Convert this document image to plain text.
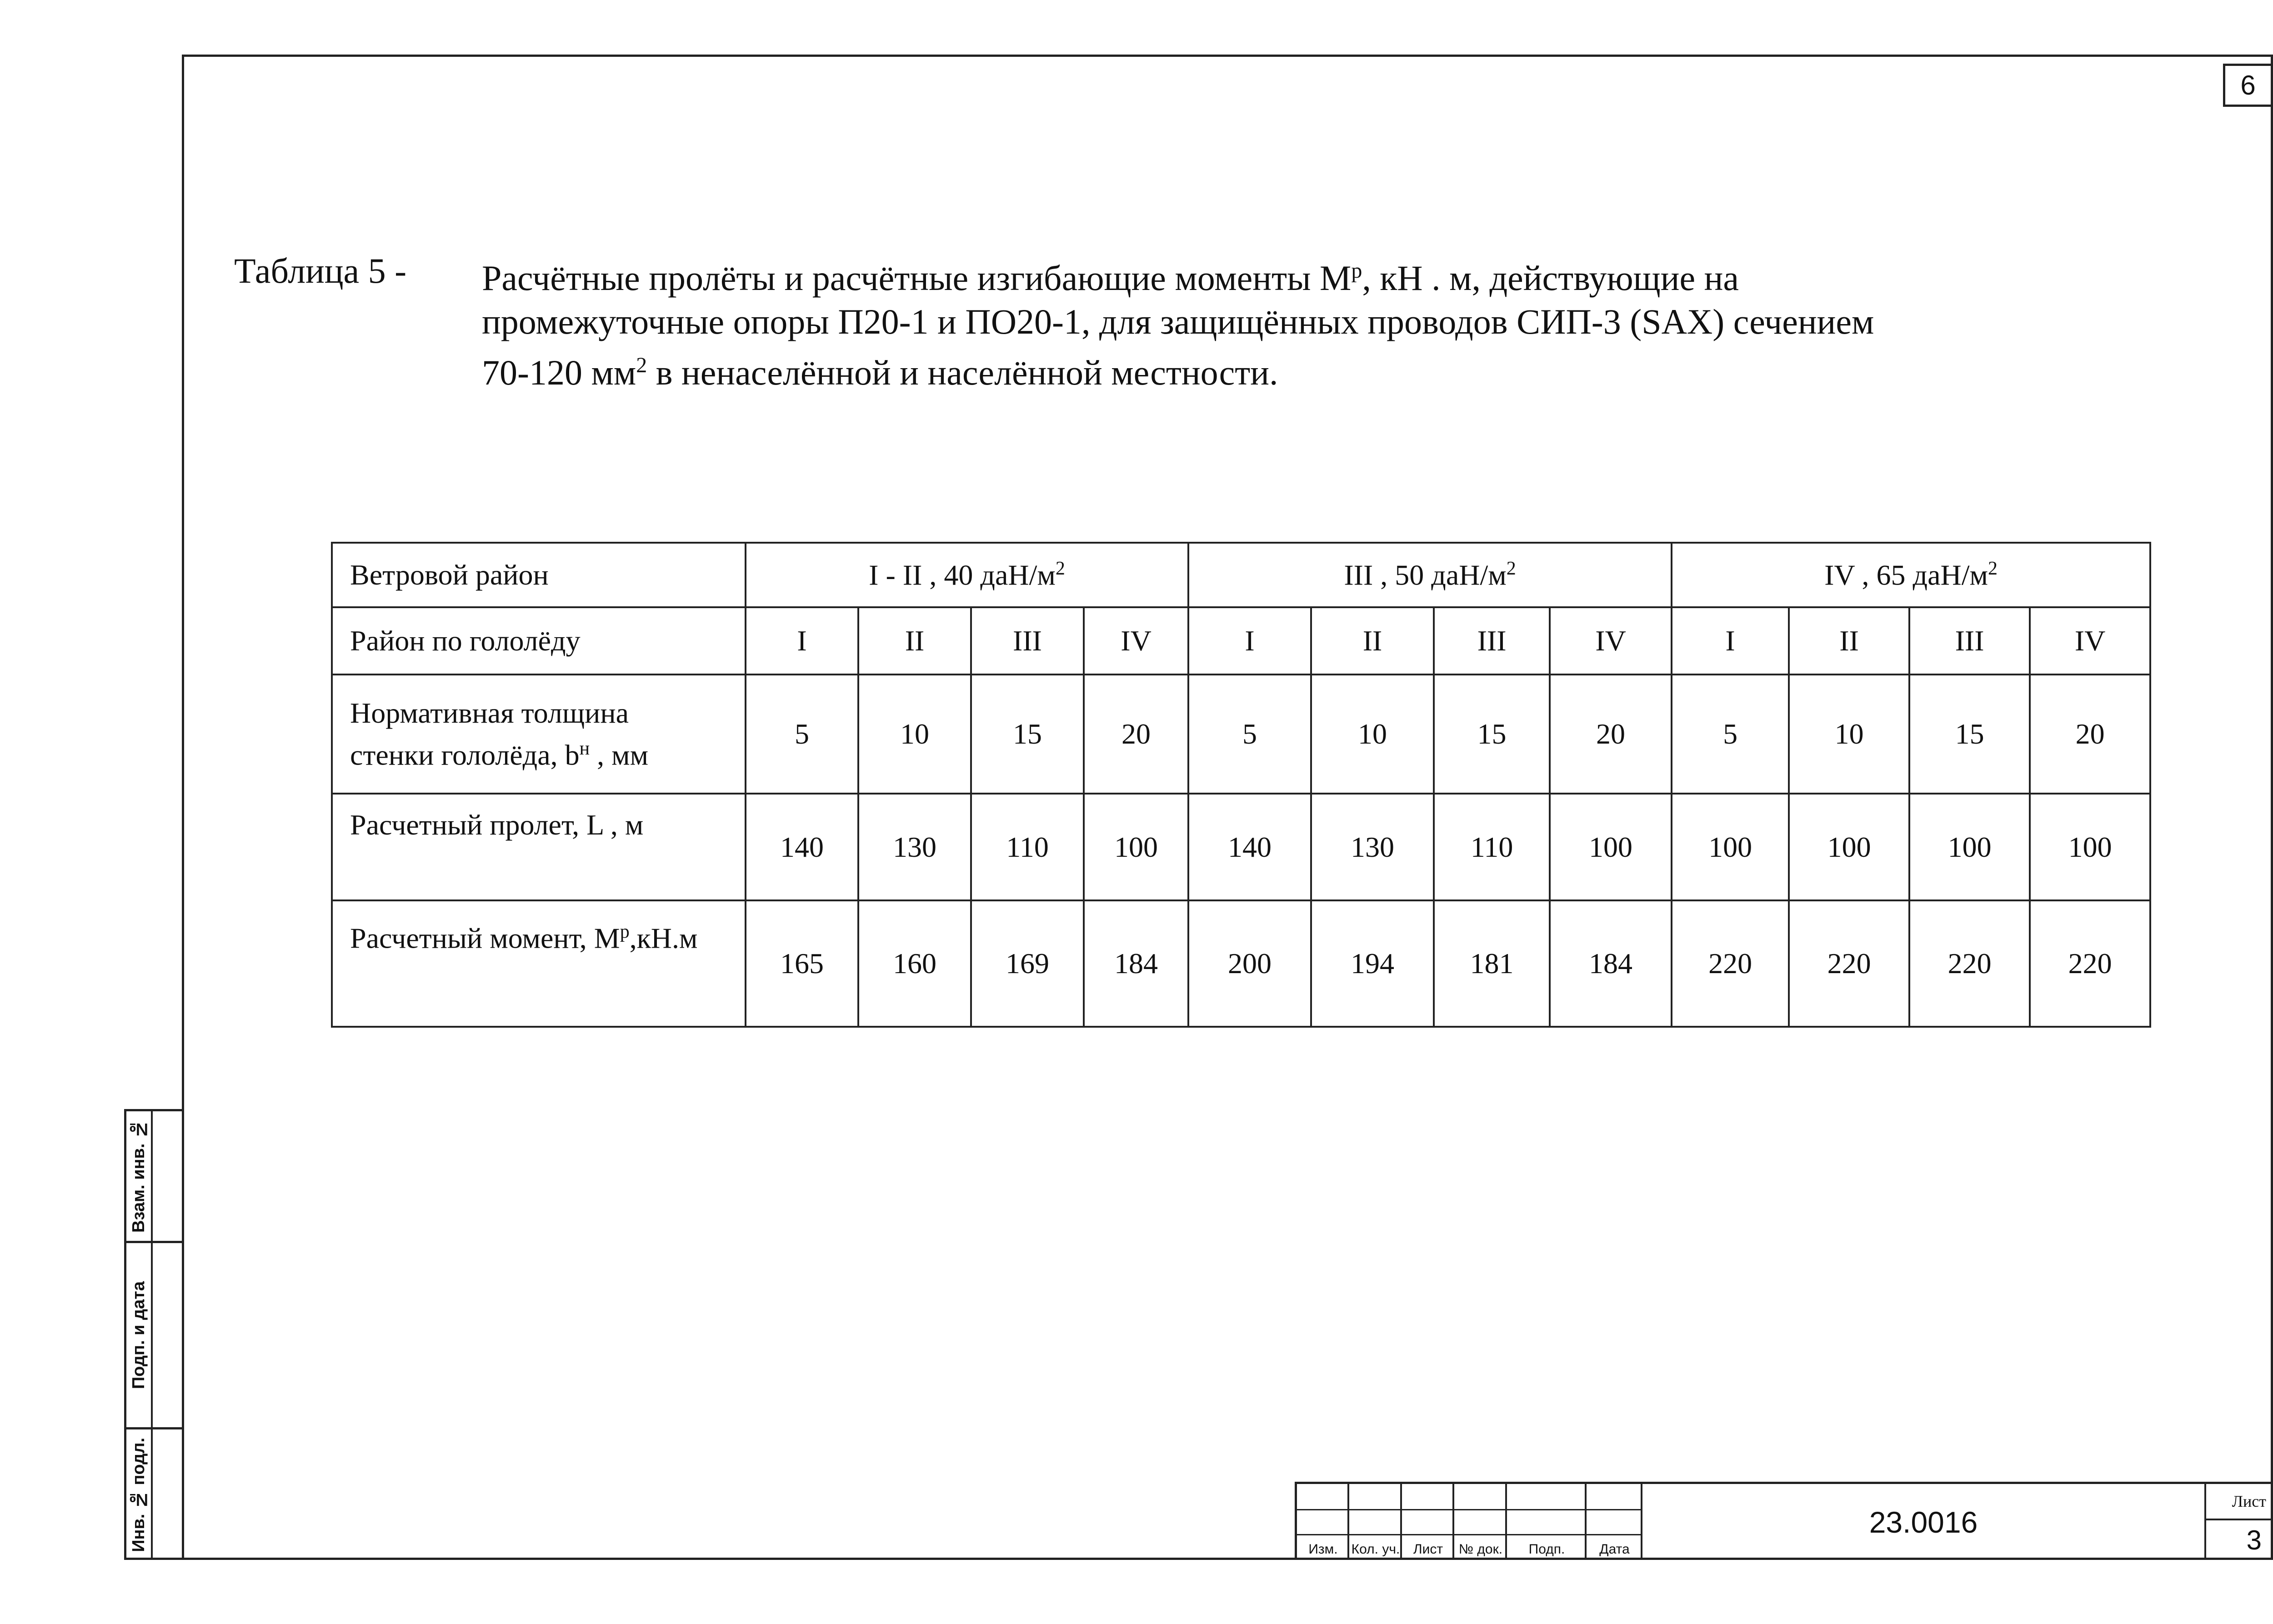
6
Таблица 5 - Расчётные пролёты и расчётные изгибающие моменты $М^р$, кН . м, действующие на
промежуточные опоры П20-1 и ПО20-1, для защищённых проводов СИП-3 (SAX) сечением
70-120 $мм^2$ в ненаселённой и населённой местности.
Ветровой район	I - II , 40 даН/$м^2$				III , 50 даН/$м^2$				IV , 65 даН/$м^2$
Район по гололёду	I	II	III	IV	I	II	III	IV	I	II	III	IV

Нормативная толщина
стенки гололёда, $b^н$ , мм	5	10	15	20	5	10	15	20	5	10	15	20
Расчетный пролет, L , м	140	130	110	100	140	130	110	100	100	100	100	100
Расчетный момент, $М^р,кН.м$	165	160	169	184	200	194	181	184	220	220	220	220
Взам. инв. №
Подп. и дата
Инв. № подл.	Изм.	Кол. уч. Лист	№ док.	Подп.	Дата
23.0016
Лист
3
